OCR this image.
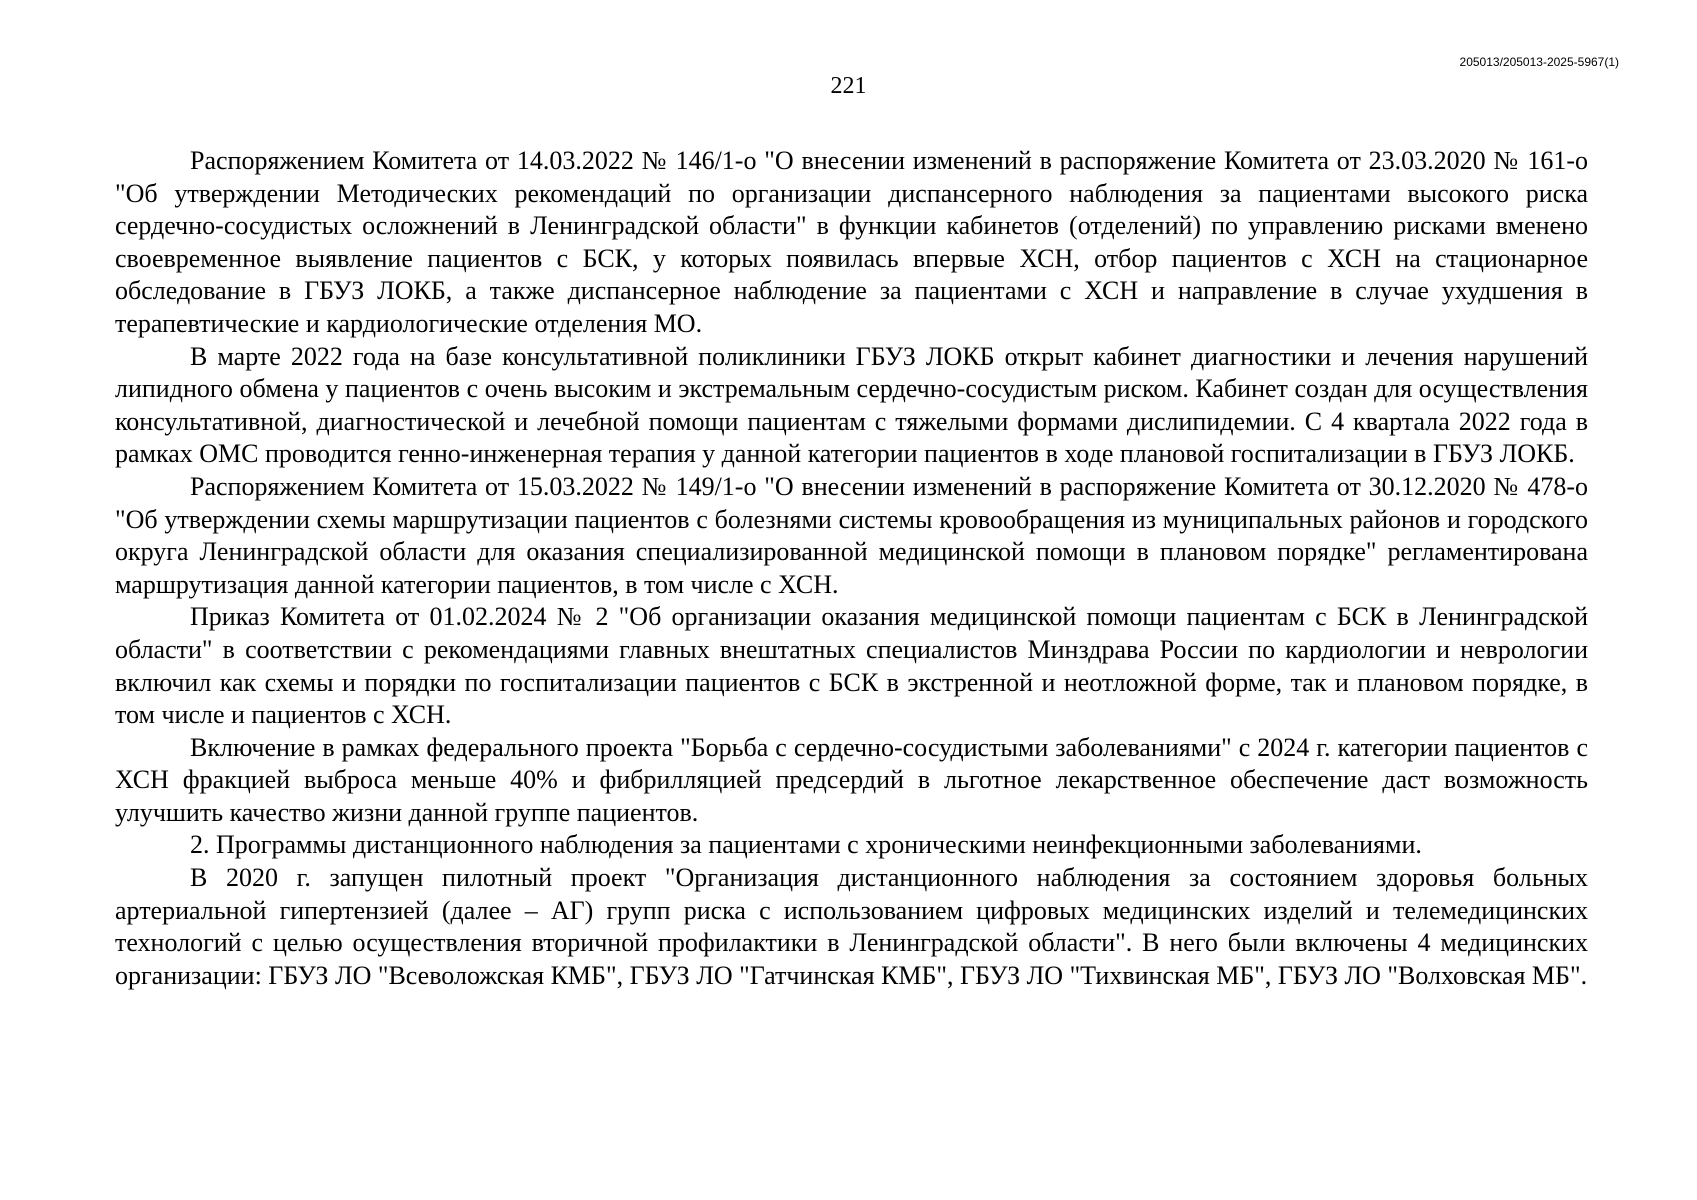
205013/205013-2025-5967(1)
221

Распоряжением Комитета от 14.03.2022 № 146/1-о "О внесении изменений в распоряжение Комитета от 23.03.2020 № 161-о "Об утверждении Методических рекомендаций по организации диспансерного наблюдения за пациентами высокого риска сердечно-сосудистых осложнений в Ленинградской области" в функции кабинетов (отделений) по управлению рисками вменено своевременное выявление пациентов с БСК, у которых появилась впервые ХСН, отбор пациентов с ХСН на стационарное обследование в ГБУЗ ЛОКБ, а также диспансерное наблюдение за пациентами с ХСН и направление в случае ухудшения в терапевтические и кардиологические отделения МО.

В марте 2022 года на базе консультативной поликлиники ГБУЗ ЛОКБ открыт кабинет диагностики и лечения нарушений липидного обмена у пациентов с очень высоким и экстремальным сердечно-сосудистым риском. Кабинет создан для осуществления консультативной, диагностической и лечебной помощи пациентам с тяжелыми формами дислипидемии. С 4 квартала 2022 года в рамках ОМС проводится генно-инженерная терапия у данной категории пациентов в ходе плановой госпитализации в ГБУЗ ЛОКБ.

Распоряжением Комитета от 15.03.2022 № 149/1-о "О внесении изменений в распоряжение Комитета от 30.12.2020 № 478-о "Об утверждении схемы маршрутизации пациентов с болезнями системы кровообращения из муниципальных районов и городского округа Ленинградской области для оказания специализированной медицинской помощи в плановом порядке" регламентирована маршрутизация данной категории пациентов, в том числе с ХСН.

Приказ Комитета от 01.02.2024 № 2 "Об организации оказания медицинской помощи пациентам с БСК в Ленинградской области" в соответствии с рекомендациями главных внештатных специалистов Минздрава России по кардиологии и неврологии включил как схемы и порядки по госпитализации пациентов с БСК в экстренной и неотложной форме, так и плановом порядке, в том числе и пациентов с ХСН.

Включение в рамках федерального проекта "Борьба с сердечно-сосудистыми заболеваниями" с 2024 г. категории пациентов с ХСН фракцией выброса меньше 40% и фибрилляцией предсердий в льготное лекарственное обеспечение даст возможность улучшить качество жизни данной группе пациентов.

2. Программы дистанционного наблюдения за пациентами с хроническими неинфекционными заболеваниями.

В 2020 г. запущен пилотный проект "Организация дистанционного наблюдения за состоянием здоровья больных артериальной гипертензией (далее – АГ) групп риска с использованием цифровых медицинских изделий и телемедицинских технологий с целью осуществления вторичной профилактики в Ленинградской области". В него были включены 4 медицинских организации: ГБУЗ ЛО "Всеволожская КМБ", ГБУЗ ЛО "Гатчинская КМБ", ГБУЗ ЛО "Тихвинская МБ", ГБУЗ ЛО "Волховская МБ".
